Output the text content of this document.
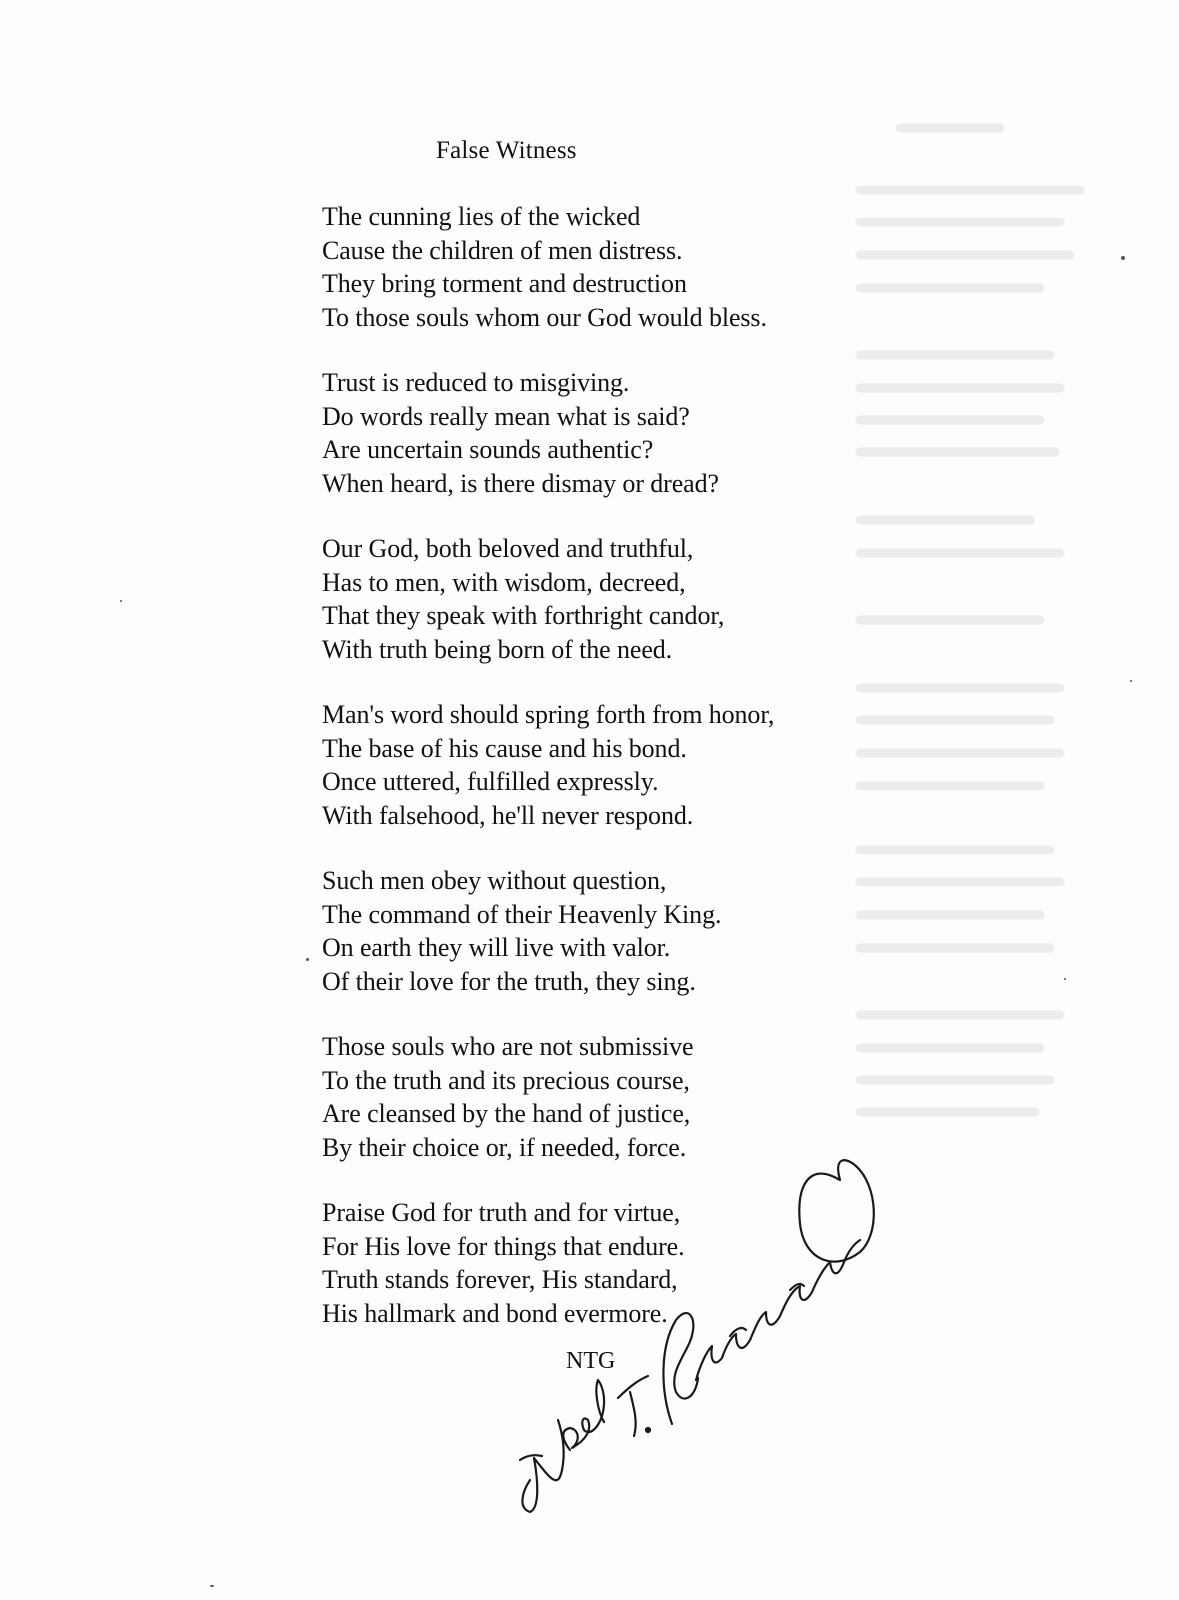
False Witness
The cunning lies of the wicked
Cause the children of men distress.
They bring torment and destruction
To those souls whom our God would bless.
Trust is reduced to misgiving.
Do words really mean what is said?
Are uncertain sounds authentic?
When heard, is there dismay or dread?
Our God, both beloved and truthful,
Has to men, with wisdom, decreed,
That they speak with forthright candor,
With truth being born of the need.
Man's word should spring forth from honor,
The base of his cause and his bond.
Once uttered, fulfilled expressly.
With falsehood, he'll never respond.
Such men obey without question,
The command of their Heavenly King.
On earth they will live with valor.
Of their love for the truth, they sing.
Those souls who are not submissive
To the truth and its precious course,
Are cleansed by the hand of justice,
By their choice or, if needed, force.
Praise God for truth and for virtue,
For His love for things that endure.
Truth stands forever, His standard,
His hallmark and bond evermore.
NTG
